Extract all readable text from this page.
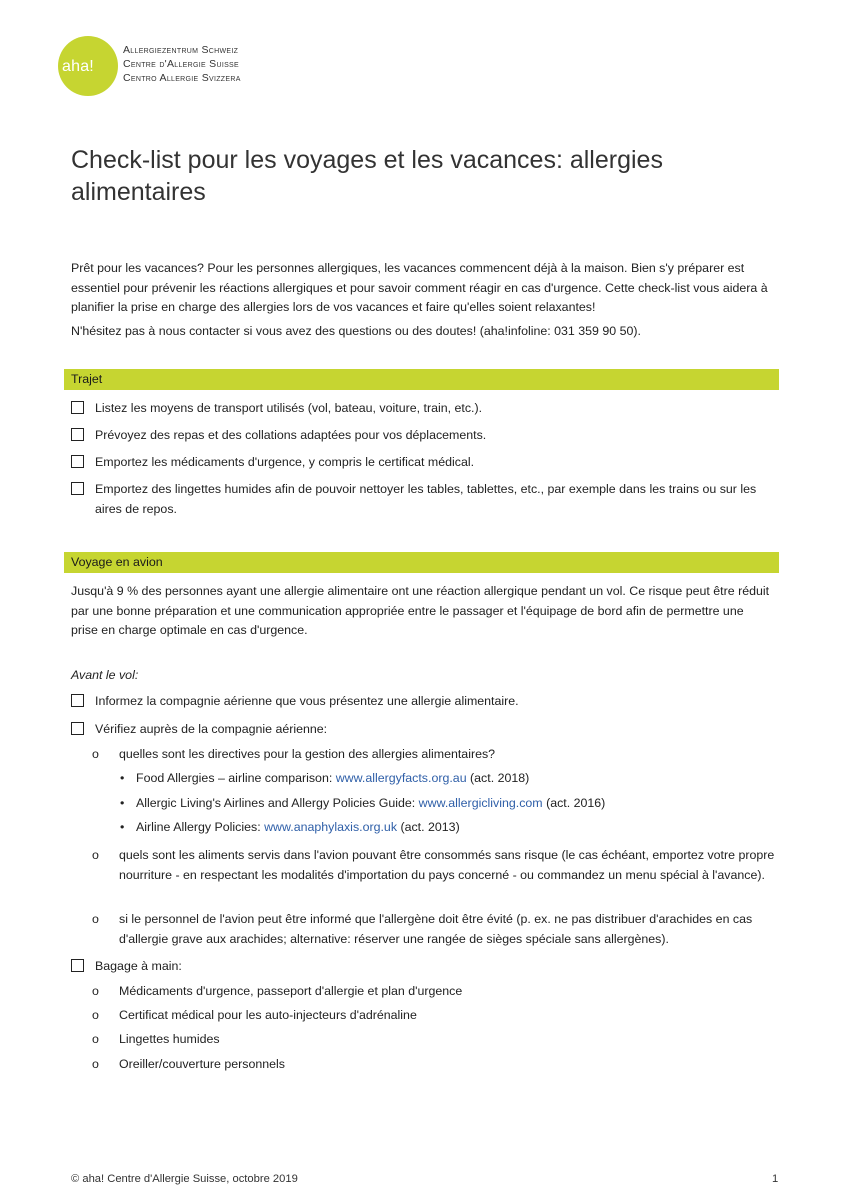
aha!
Allergiezentrum Schweiz
Centre d'Allergie Suisse
Centro Allergie Svizzera
Check-list pour les voyages et les vacances: allergies alimentaires

Prêt pour les vacances? Pour les personnes allergiques, les vacances commencent déjà à la maison. Bien s'y préparer est essentiel pour prévenir les réactions allergiques et pour savoir comment réagir en cas d'urgence. Cette check-list vous aidera à planifier la prise en charge des allergies lors de vos vacances et faire qu'elles soient relaxantes!

N'hésitez pas à nous contacter si vous avez des questions ou des doutes! (aha!infoline: 031 359 90 50).

Trajet
Listez les moyens de transport utilisés (vol, bateau, voiture, train, etc.).
Prévoyez des repas et des collations adaptées pour vos déplacements.
Emportez les médicaments d'urgence, y compris le certificat médical.
Emportez des lingettes humides afin de pouvoir nettoyer les tables, tablettes, etc., par exemple dans les trains ou sur les aires de repos.
Voyage en avion

Jusqu'à 9 % des personnes ayant une allergie alimentaire ont une réaction allergique pendant un vol. Ce risque peut être réduit par une bonne préparation et une communication appropriée entre le passager et l'équipage de bord afin de permettre une prise en charge optimale en cas d'urgence.

Avant le vol:
Informez la compagnie aérienne que vous présentez une allergie alimentaire.
Vérifiez auprès de la compagnie aérienne:
o quelles sont les directives pour la gestion des allergies alimentaires?
• Food Allergies – airline comparison: www.allergyfacts.org.au (act. 2018)
• Allergic Living's Airlines and Allergy Policies Guide: www.allergicliving.com (act. 2016)
• Airline Allergy Policies: www.anaphylaxis.org.uk (act. 2013)
o quels sont les aliments servis dans l'avion pouvant être consommés sans risque (le cas échéant, emportez votre propre nourriture - en respectant les modalités d'importation du pays concerné - ou commandez un menu spécial à l'avance).
o si le personnel de l'avion peut être informé que l'allergène doit être évité (p. ex. ne pas distribuer d'arachides en cas d'allergie grave aux arachides; alternative: réserver une rangée de sièges spéciale sans allergènes).
Bagage à main:
o Médicaments d'urgence, passeport d'allergie et plan d'urgence
o Certificat médical pour les auto-injecteurs d'adrénaline
o Lingettes humides
o Oreiller/couverture personnels
© aha! Centre d'Allergie Suisse, octobre 2019	1
